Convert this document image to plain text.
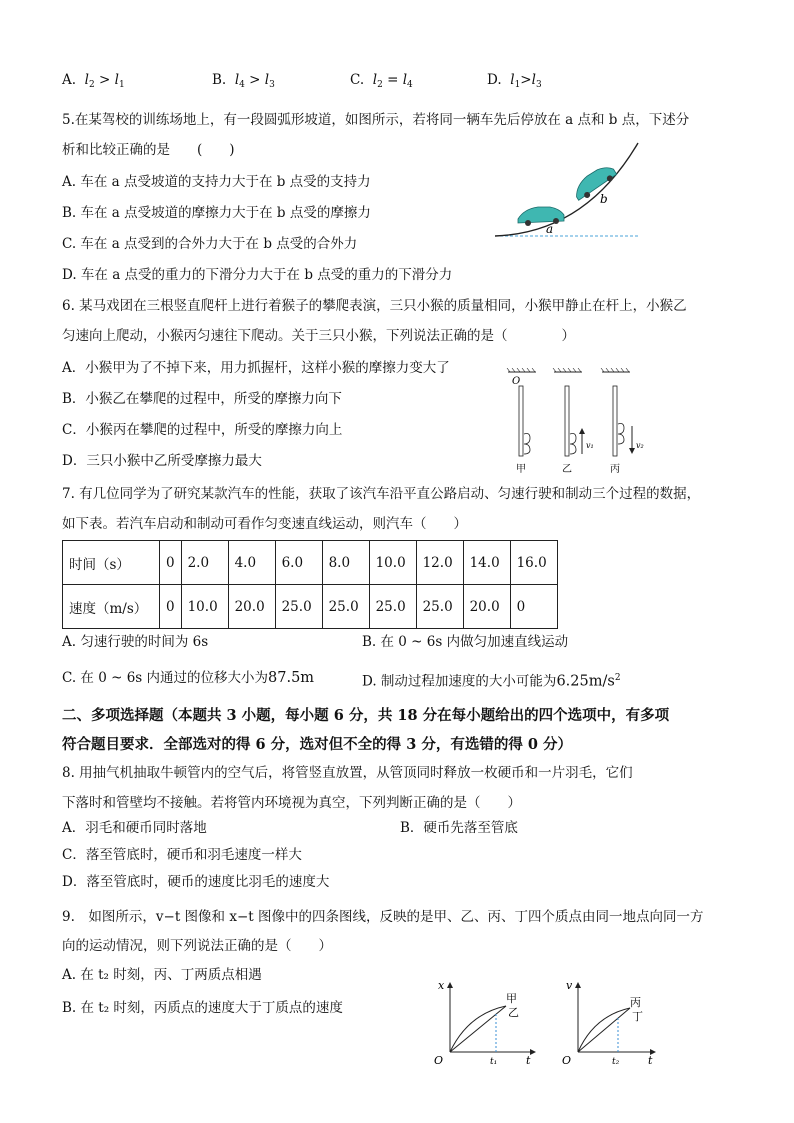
A. $l_2 > l_1$	B. $l_4 > l_3$	C. $l_2 = l_4$	D. $l_1>l_3$
5.在某驾校的训练场地上，有一段圆弧形坡道，如图所示，若将同一辆车先后停放在 a 点和 b 点，下述分
析和比较正确的是　　(　　)
A. 车在 a 点受坡道的支持力大于在 b 点受的支持力
B. 车在 a 点受坡道的摩擦力大于在 b 点受的摩擦力
C. 车在 a 点受到的合外力大于在 b 点受的合外力
D. 车在 a 点受的重力的下滑分力大于在 b 点受的重力的下滑分力
a
b
6. 某马戏团在三根竖直爬杆上进行着猴子的攀爬表演，三只小猴的质量相同，小猴甲静止在杆上，小猴乙
匀速向上爬动，小猴丙匀速往下爬动。关于三只小猴，下列说法正确的是（　　　　）
A．小猴甲为了不掉下来，用力抓握杆，这样小猴的摩擦力变大了
B．小猴乙在攀爬的过程中，所受的摩擦力向下
C．小猴丙在攀爬的过程中，所受的摩擦力向上
D．三只小猴中乙所受摩擦力最大
O
甲
v₁
乙
v₂
丙
7. 有几位同学为了研究某款汽车的性能，获取了该汽车沿平直公路启动、匀速行驶和制动三个过程的数据，
如下表。若汽车启动和制动可看作匀变速直线运动，则汽车（　　）
时间（s）	0	2.0	4.0	6.0	8.0	10.0	12.0	14.0	16.0
速度（m/s）	0	10.0	20.0	25.0	25.0	25.0	25.0	20.0	0
A. 匀速行驶的时间为 6s	B. 在 0 ~ 6s 内做匀加速直线运动
C. 在 0 ~ 6s 内通过的位移大小为87.5m	D. 制动过程加速度的大小可能为$6.25m/s^2$
二、多项选择题（本题共 3 小题，每小题 6 分，共 18 分在每小题给出的四个选项中，有多项
符合题目要求．全部选对的得 6 分，选对但不全的得 3 分，有选错的得 0 分）
8. 用抽气机抽取牛顿管内的空气后，将管竖直放置，从管顶同时释放一枚硬币和一片羽毛，它们
下落时和管壁均不接触。若将管内环境视为真空，下列判断正确的是（　　）
A．羽毛和硬币同时落地	B．硬币先落至管底
C．落至管底时，硬币和羽毛速度一样大
D．落至管底时，硬币的速度比羽毛的速度大
9.　如图所示，v−t 图像和 x−t 图像中的四条图线，反映的是甲、乙、丙、丁四个质点由同一地点向同一方
向的运动情况，则下列说法正确的是（　　）
A. 在 t₂ 时刻，丙、丁两质点相遇
B. 在 t₂ 时刻，丙质点的速度大于丁质点的速度
x
t
O	t₁
甲
乙
v
t
O	t₂
丙
丁
